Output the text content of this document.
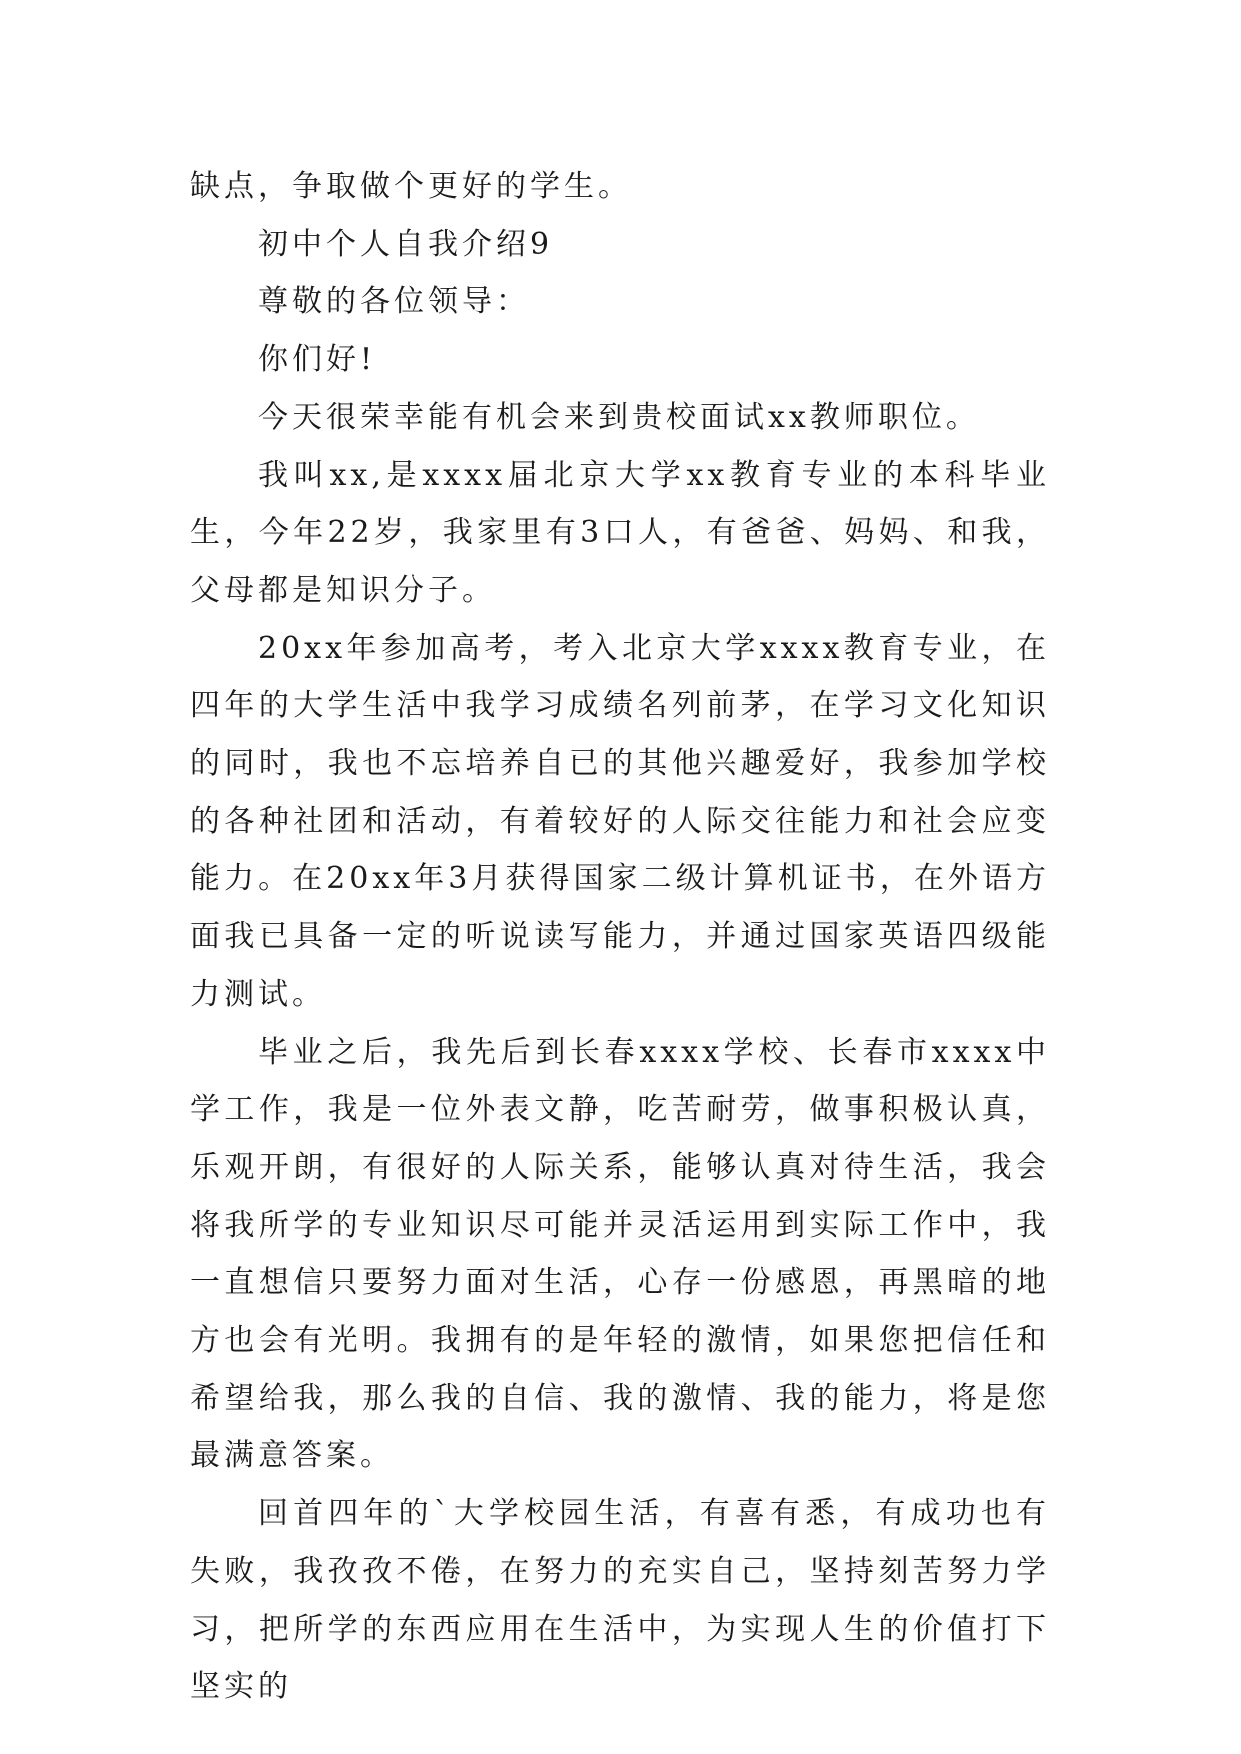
缺点，争取做个更好的学生。

初中个人自我介绍9

尊敬的各位领导：

你们好!

今天很荣幸能有机会来到贵校面试xx教师职位。

我叫xx,是xxxx届北京大学xx教育专业的本科毕业生，今年22岁，我家里有3口人，有爸爸、妈妈、和我，父母都是知识分子。

20xx年参加高考，考入北京大学xxxx教育专业，在四年的大学生活中我学习成绩名列前茅，在学习文化知识的同时，我也不忘培养自已的其他兴趣爱好，我参加学校的各种社团和活动，有着较好的人际交往能力和社会应变能力。在20xx年3月获得国家二级计算机证书，在外语方面我已具备一定的听说读写能力，并通过国家英语四级能力测试。

毕业之后，我先后到长春xxxx学校、长春市xxxx中学工作，我是一位外表文静，吃苦耐劳，做事积极认真，乐观开朗，有很好的人际关系，能够认真对待生活，我会将我所学的专业知识尽可能并灵活运用到实际工作中，我一直想信只要努力面对生活，心存一份感恩，再黑暗的地方也会有光明。我拥有的是年轻的激情，如果您把信任和希望给我，那么我的自信、我的激情、我的能力，将是您最满意答案。

回首四年的`大学校园生活，有喜有悉，有成功也有失败，我孜孜不倦，在努力的充实自己，坚持刻苦努力学习，把所学的东西应用在生活中，为实现人生的价值打下坚实的
